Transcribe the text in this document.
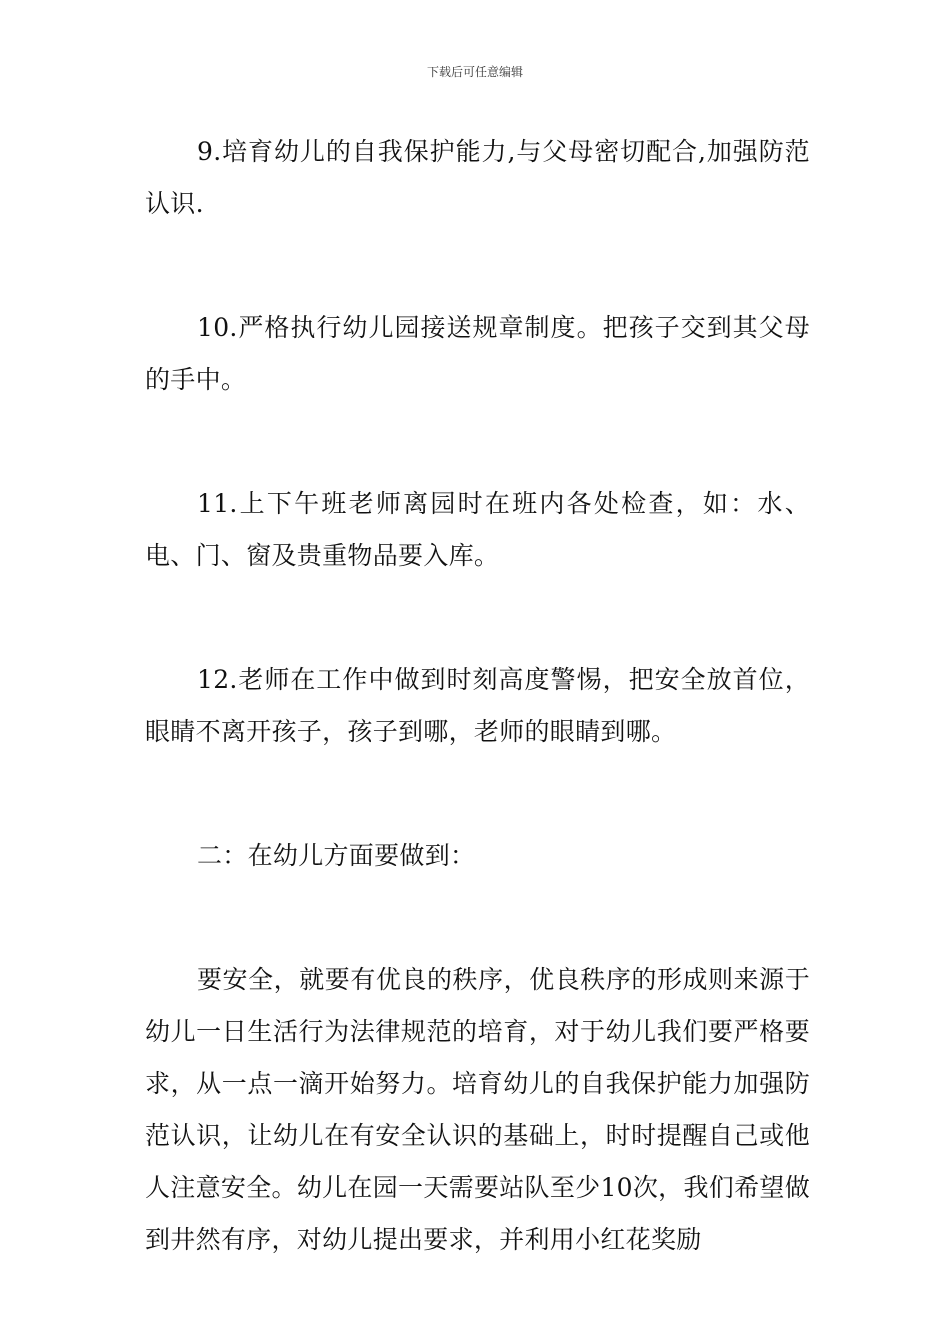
下载后可任意编辑

9.培育幼儿的自我保护能力,与父母密切配合,加强防范认识.

10.严格执行幼儿园接送规章制度。把孩子交到其父母的手中。

11.上下午班老师离园时在班内各处检查，如：水、电、门、窗及贵重物品要入库。

12.老师在工作中做到时刻高度警惕，把安全放首位，眼睛不离开孩子，孩子到哪，老师的眼睛到哪。

二：在幼儿方面要做到：

要安全，就要有优良的秩序，优良秩序的形成则来源于幼儿一日生活行为法律规范的培育，对于幼儿我们要严格要求，从一点一滴开始努力。培育幼儿的自我保护能力加强防范认识，让幼儿在有安全认识的基础上，时时提醒自己或他人注意安全。幼儿在园一天需要站队至少10次，我们希望做到井然有序，对幼儿提出要求，并利用小红花奖励
